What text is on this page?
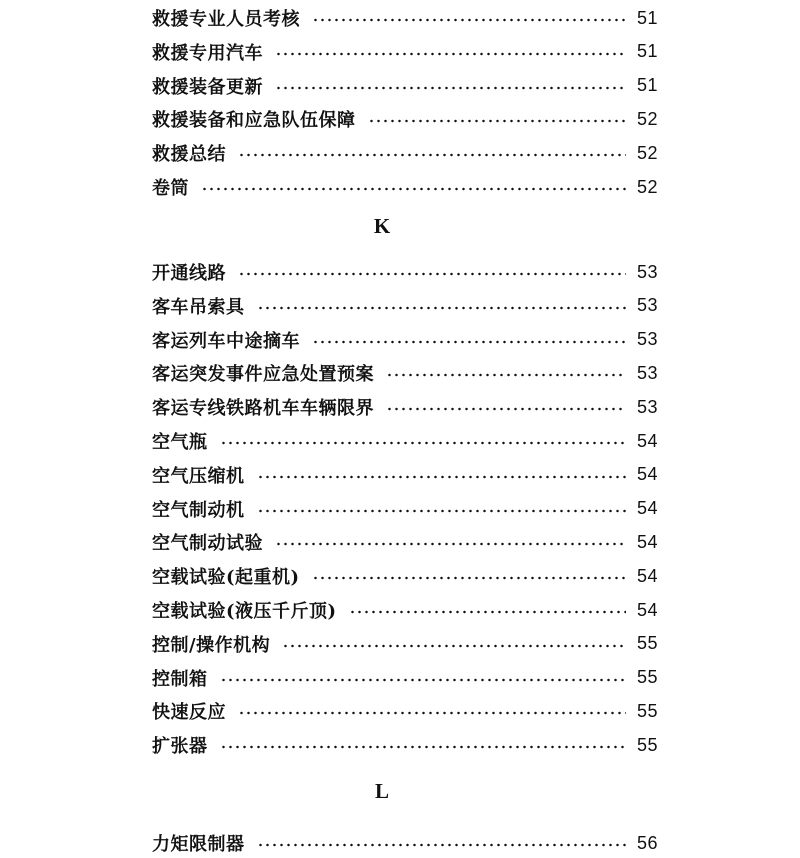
救援专业人员考核	51
救援专用汽车	51
救援装备更新	51
救援装备和应急队伍保障	52
救援总结	52
卷筒	52
K
开通线路	53
客车吊索具	53
客运列车中途摘车	53
客运突发事件应急处置预案	53
客运专线铁路机车车辆限界	53
空气瓶	54
空气压缩机	54
空气制动机	54
空气制动试验	54
空载试验(起重机)	54
空载试验(液压千斤顶)	54
控制/操作机构	55
控制箱	55
快速反应	55
扩张器	55
L
力矩限制器	56
